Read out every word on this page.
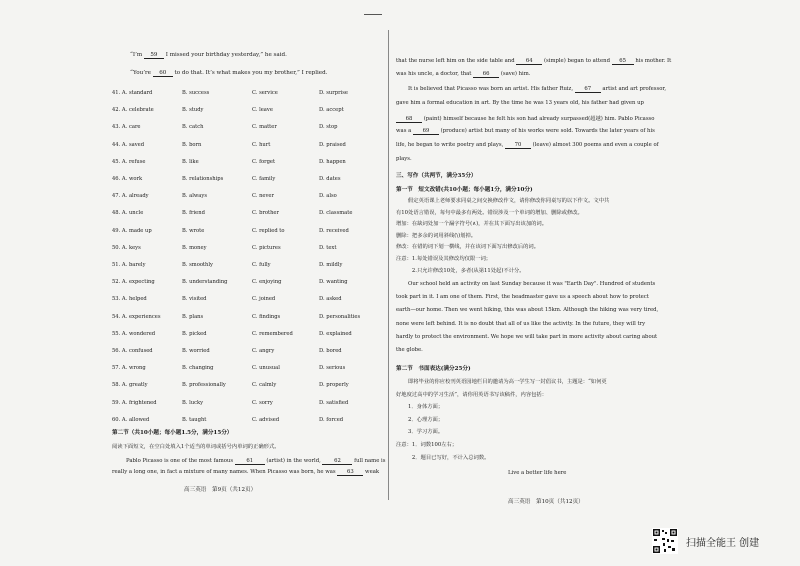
“I’m 59 I missed your birthday yesterday,” he said.
“You’re 60 to do that. It’s what makes you my brother,” I replied.
41. A. standard	B. success	C. service	D. surprise
42. A. celebrate	B. study	C. leave	D. accept
43. A. care	B. catch	C. matter	D. stop
44. A. saved	B. born	C. hurt	D. praised
45. A. refuse	B. like	C. forget	D. happen
46. A. work	B. relationships	C. family	D. dates
47. A. already	B. always	C. never	D. also
48. A. uncle	B. friend	C. brother	D. classmate
49. A. made up	B. wrote	C. replied to	D. received
50. A. keys	B. money	C. pictures	D. text
51. A. barely	B. smoothly	C. fully	D. mildly
52. A. expecting	B. understanding	C. enjoying	D. wanting
53. A. helped	B. visited	C. joined	D. asked
54. A. experiences	B. plans	C. findings	D. personalities
55. A. wondered	B. picked	C. remembered	D. explained
56. A. confused	B. worried	C. angry	D. bored
57. A. wrong	B. changing	C. unusual	D. serious
58. A. greatly	B. professionally	C. calmly	D. properly
59. A. frightened	B. lucky	C. sorry	D. satisfied
60. A. allowed	B. taught	C. advised	D. forced
第二节（共10小题；每小题1.5分，满分15分）
阅读下面短文，在空白处填入1个适当的单词或括号内单词的正确形式。
Pablo Picasso is one of the most famous	61	(artist) in the world,	62	full name is
really a long one, in fact a mixture of many names. When Picasso was born, he was 63 weak
高三英语　第9页（共12页）
that the nurse left him on the side table and 64 (simple) began to attend 65 his mother. It
was his uncle, a doctor, that 66 (save) him.
It is believed that Picasso was born an artist. His father Ruiz, 67 artist and art professor,
gave him a formal education in art. By the time he was 13 years old, his father had given up
68 (paint) himself because he felt his son had already surpassed(超越) him. Pablo Picasso
was a 69 (produce) artist but many of his works were sold. Towards the later years of his
life, he began to write poetry and plays, 70 (leave) almost 300 poems and even a couple of
plays.
三、写作（共两节，满分35分）
第一节　短文改错(共10小题；每小题1分，满分10分)

假定英语课上老师要求同桌之间交换修改作文，请你修改你同桌写的以下作文。文中共

有10处语言错误，每句中最多有两处。错误涉及一个单词的增加、删除或修改。

增加：在缺词处加一个漏字符号(∧)，并在其下面写出该加的词。

删除：把多余的词用斜线(\)划掉。

修改：在错的词下划一横线，并在该词下面写出修改后的词。

注意：1.每处错误及其修改均仅限一词；

　　　2.只允许修改10处，多者(从第11处起)不计分。

Our school held an activity on last Sunday because it was "Earth Day". Hundred of students

took part in it. I am one of them. First, the headmaster gave us a speech about how to protect

earth—our home. Then we went hiking, this was about 15km. Although the hiking was very tired,

none were left behind. It is no doubt that all of us like the activity. In the future, they will try

hardly to protect the environment. We hope we will take part in more activity about caring about

the globe.

第二节　书面表达(满分25分)

即将毕业的你应校刊英语园地栏目的邀请为高一学生写一封倡议书，主题是：“如何更

好地度过高中的学习生活”，请你用英语书写该稿件，内容包括：

1．身体方面；

2．心理方面；

3．学习方面。

注意：1．词数100左右；

　　　2．题目已写好，不计入总词数。

Live a better life here
高三英语　第10页（共12页）
扫描全能王 创建
